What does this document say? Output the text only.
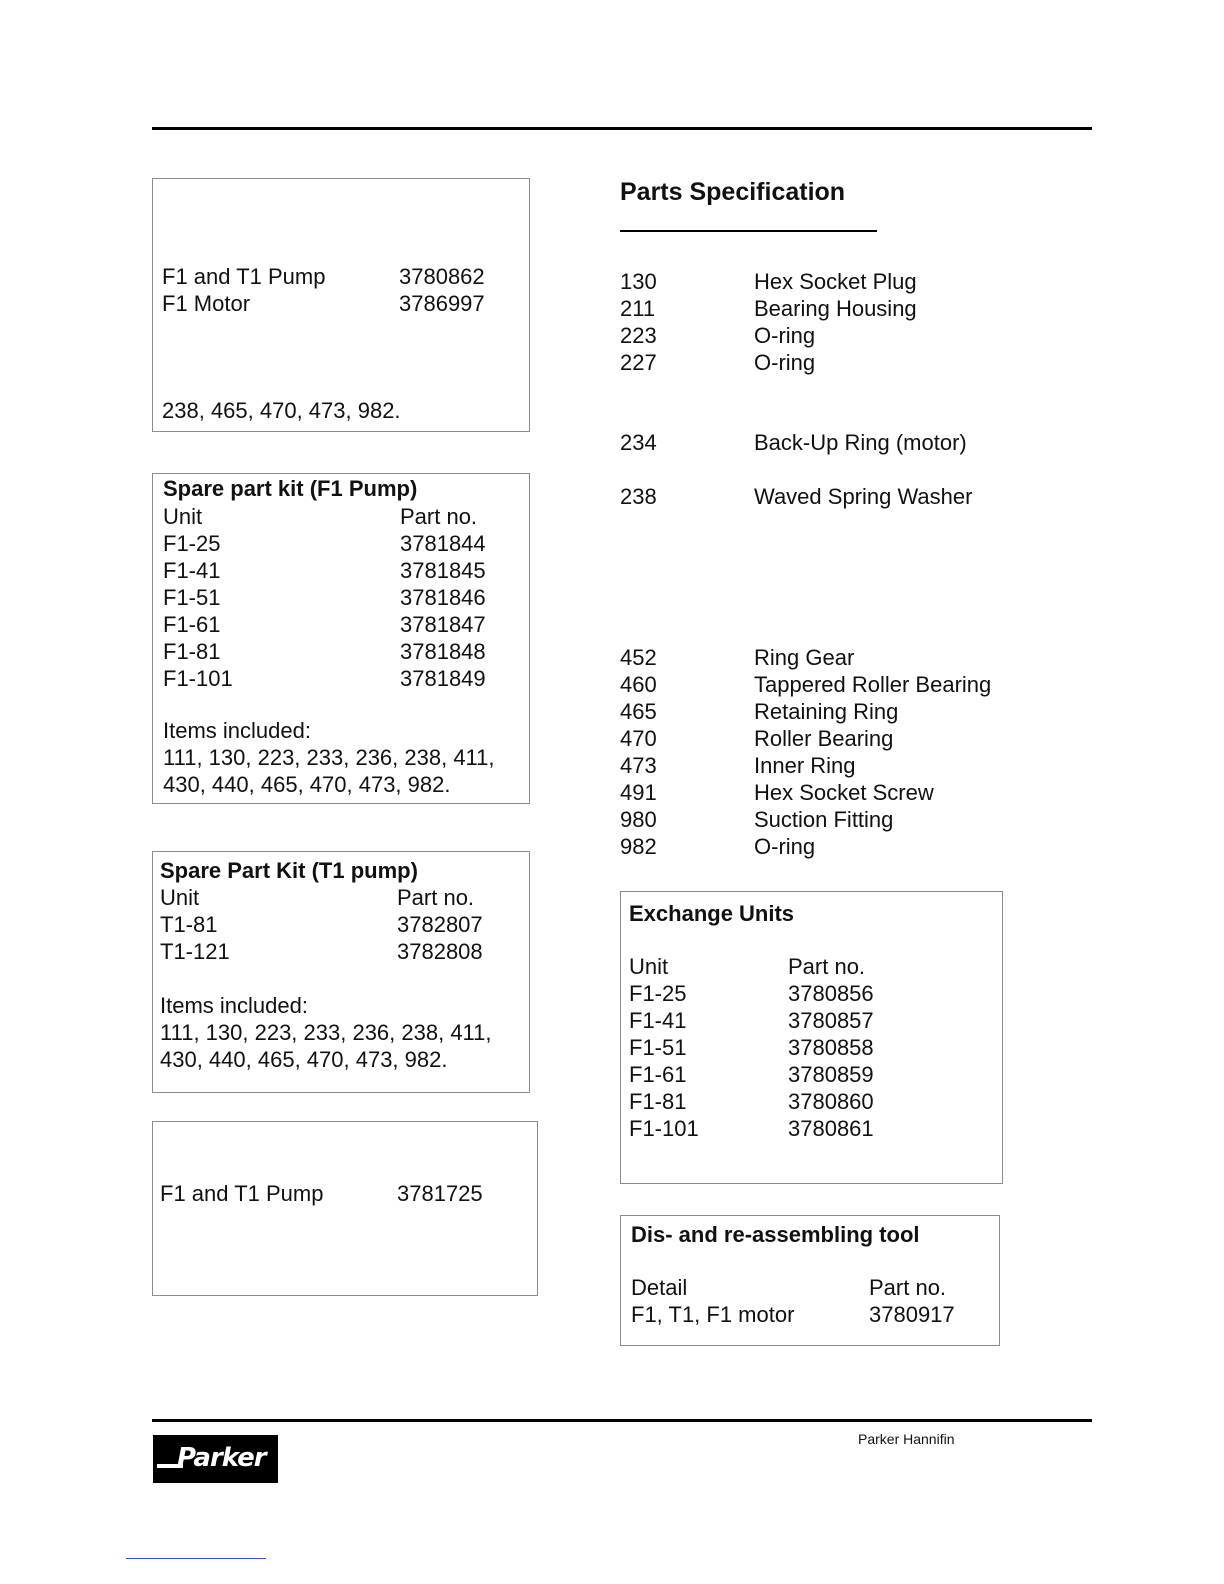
F1 and T1 Pump	3780862
F1 Motor	3786997
238, 465, 470, 473, 982.
Spare part kit (F1 Pump)
Unit	Part no.
F1-25	3781844
F1-41	3781845
F1-51	3781846
F1-61	3781847
F1-81	3781848
F1-101	3781849
Items included:
111, 130, 223, 233, 236, 238, 411,
430, 440, 465, 470, 473, 982.
Spare Part Kit (T1 pump)
Unit	Part no.
T1-81	3782807
T1-121	3782808
Items included:
111, 130, 223, 233, 236, 238, 411,
430, 440, 465, 470, 473, 982.
F1 and T1 Pump	3781725
Parts Specification
130	Hex Socket Plug
211	Bearing Housing
223	O-ring
227	O-ring
234	Back-Up Ring (motor)
238	Waved Spring Washer
452	Ring Gear
460	Tappered Roller Bearing
465	Retaining Ring
470	Roller Bearing
473	Inner Ring
491	Hex Socket Screw
980	Suction Fitting
982	O-ring
Exchange Units
Unit	Part no.
F1-25	3780856
F1-41	3780857
F1-51	3780858
F1-61	3780859
F1-81	3780860
F1-101	3780861
Dis- and re-assembling tool
Detail	Part no.
F1, T1, F1 motor	3780917
Parker
Parker Hannifin
